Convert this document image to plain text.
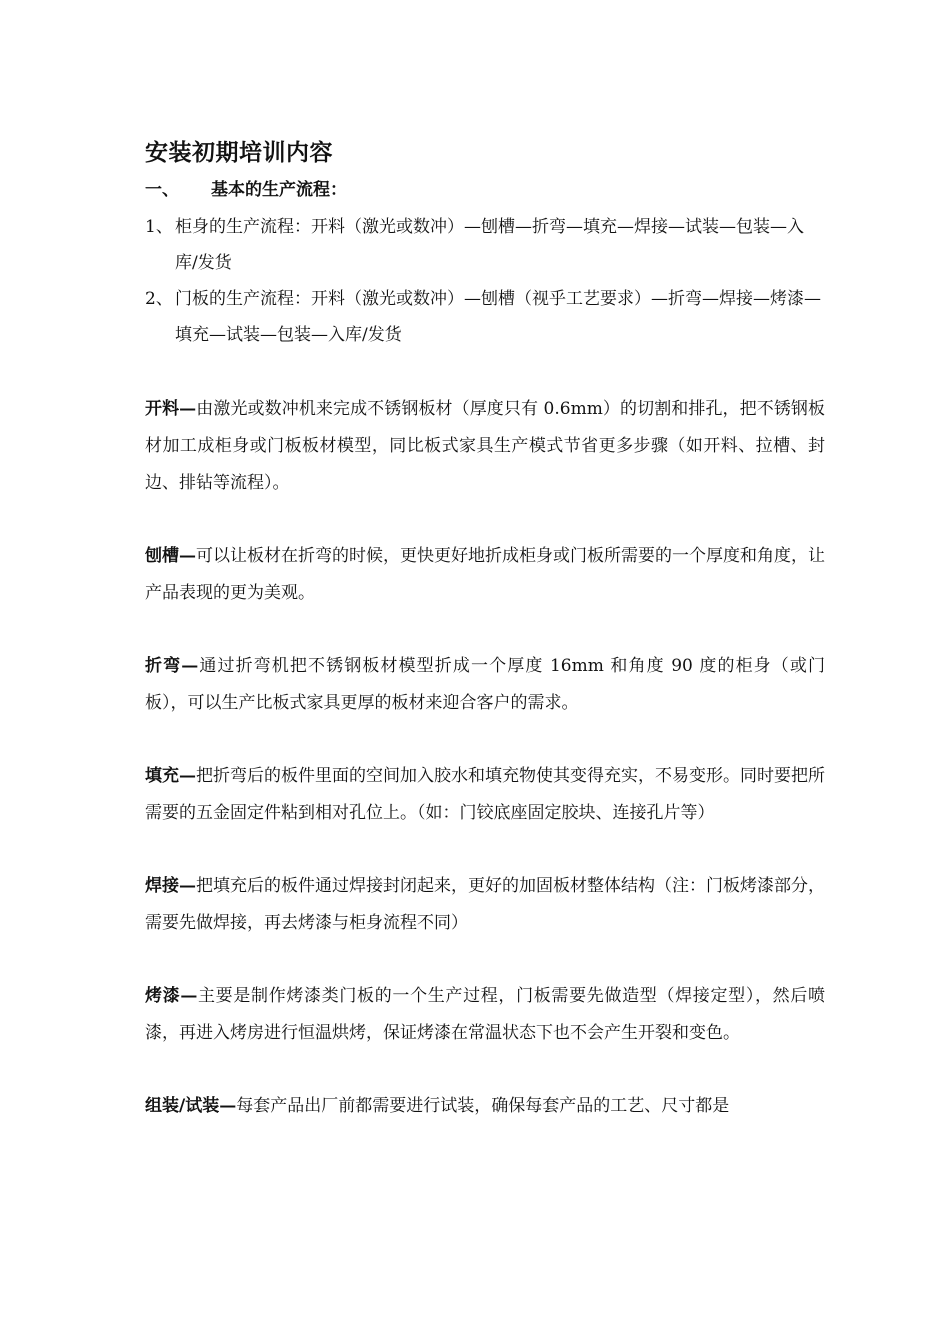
安装初期培训内容
一、	基本的生产流程：
1、 柜身的生产流程：开料（激光或数冲）—刨槽—折弯—填充—焊接—试装—包装—入库/发货
2、 门板的生产流程：开料（激光或数冲）—刨槽（视乎工艺要求）—折弯—焊接—烤漆—填充—试装—包装—入库/发货

开料—由激光或数冲机来完成不锈钢板材（厚度只有 0.6mm）的切割和排孔，把不锈钢板材加工成柜身或门板板材模型，同比板式家具生产模式节省更多步骤（如开料、拉槽、封边、排钻等流程）。

刨槽—可以让板材在折弯的时候，更快更好地折成柜身或门板所需要的一个厚度和角度，让产品表现的更为美观。

折弯—通过折弯机把不锈钢板材模型折成一个厚度 16mm 和角度 90 度的柜身（或门板），可以生产比板式家具更厚的板材来迎合客户的需求。

填充—把折弯后的板件里面的空间加入胶水和填充物使其变得充实，不易变形。同时要把所需要的五金固定件粘到相对孔位上。（如：门铰底座固定胶块、连接孔片等）

焊接—把填充后的板件通过焊接封闭起来，更好的加固板材整体结构（注：门板烤漆部分，需要先做焊接，再去烤漆与柜身流程不同）

烤漆—主要是制作烤漆类门板的一个生产过程，门板需要先做造型（焊接定型），然后喷漆，再进入烤房进行恒温烘烤，保证烤漆在常温状态下也不会产生开裂和变色。

组装/试装—每套产品出厂前都需要进行试装，确保每套产品的工艺、尺寸都是
